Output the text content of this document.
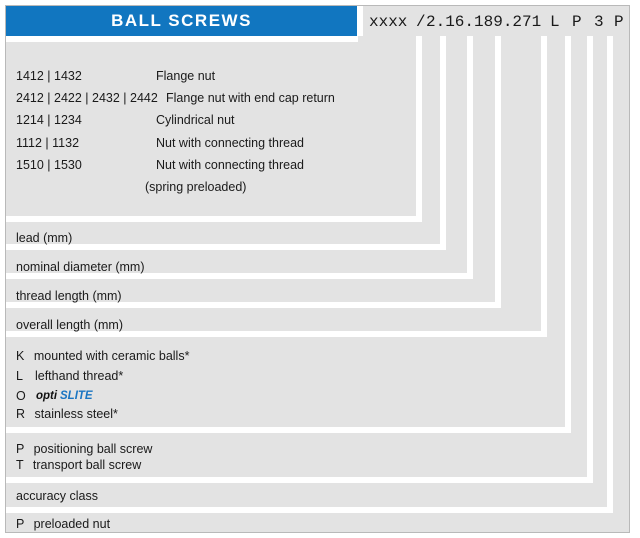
BALL SCREWS	xxxx / 2.16.189.271 L P 3 P
1412 | 1432	Flange nut
2412 | 2422 | 2432 | 2442 Flange nut with end cap return
1214 | 1234	Cylindrical nut
1112 | 1132	Nut with connecting thread
1510 | 1530	Nut with connecting thread
(spring preloaded)
lead (mm)
nominal diameter (mm)
thread length (mm)
overall length (mm)
K mounted with ceramic balls*
L lefthand thread*
O opti SLITE
R stainless steel*
P positioning ball screw
T transport ball screw
accuracy class
P preloaded nut
